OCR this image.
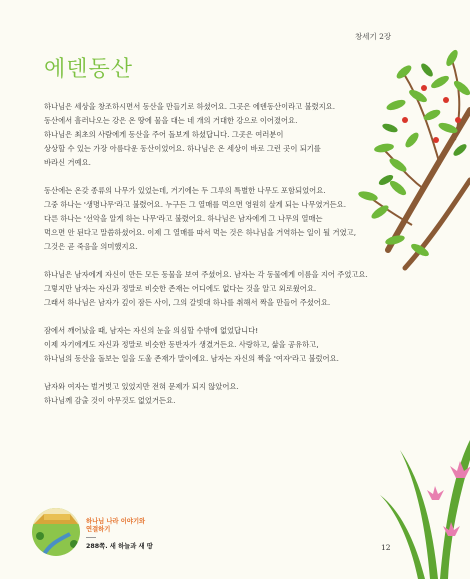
창세기 2장
에덴동산

하나님은 세상을 창조하시면서 동산을 만들기로 하셨어요. 그곳은 에덴동산이라고 불렸지요.
동산에서 흘러나오는 강은 온 땅에 물을 대는 네 개의 거대한 강으로 이어졌어요.
하나님은 최초의 사람에게 동산을 주어 돌보게 하셨답니다. 그곳은 여러분이
상상할 수 있는 가장 아름다운 동산이었어요. 하나님은 온 세상이 바로 그런 곳이 되기를
바라신 거예요.

동산에는 온갖 종류의 나무가 있었는데, 거기에는 두 그루의 특별한 나무도 포함되었어요.
그중 하나는 '생명나무'라고 불렸어요. 누구든 그 열매를 먹으면 영원히 살게 되는 나무였거든요.
다른 하나는 '선악을 알게 하는 나무'라고 불렸어요. 하나님은 남자에게 그 나무의 열매는
먹으면 안 된다고 말씀하셨어요. 이제 그 열매를 따서 먹는 것은 하나님을 거역하는 일이 될 거였고,
그것은 곧 죽음을 의미했지요.

하나님은 남자에게 자신이 만든 모든 동물을 보여 주셨어요. 남자는 각 동물에게 이름을 지어 주었고요.
그렇지만 남자는 자신과 정말로 비슷한 존재는 어디에도 없다는 것을 알고 외로웠어요.
그래서 하나님은 남자가 깊이 잠든 사이, 그의 갈빗대 하나를 취해서 짝을 만들어 주셨어요.

잠에서 깨어났을 때, 남자는 자신의 눈을 의심할 수밖에 없었답니다!
이제 자기에게도 자신과 정말로 비슷한 동반자가 생겼거든요. 사랑하고, 삶을 공유하고,
하나님의 동산을 돌보는 일을 도울 존재가 말이에요. 남자는 자신의 짝을 '여자'라고 불렀어요.

남자와 여자는 벌거벗고 있었지만 전혀 문제가 되지 않았어요.
하나님께 감출 것이 아무것도 없었거든요.

하나님 나라 이야기와
연결하기
288쪽. 새 하늘과 새 땅	12
